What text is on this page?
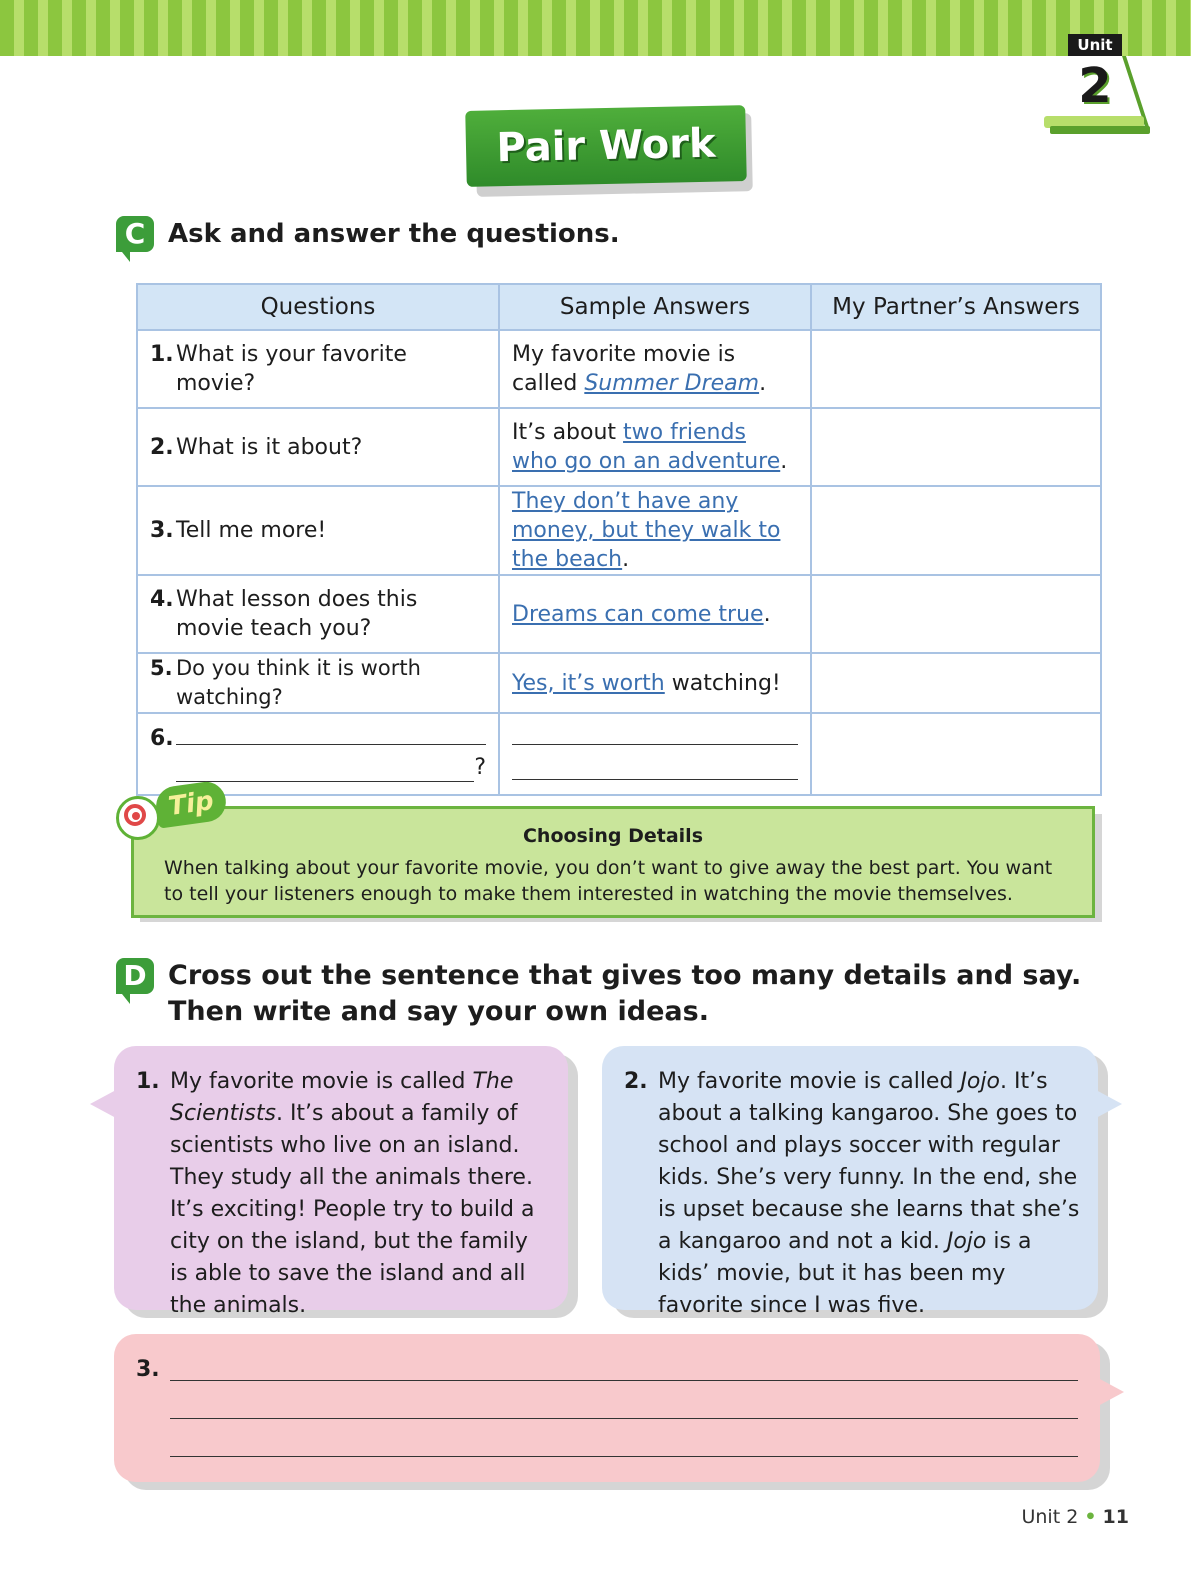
Unit
2
Pair Work
C Ask and answer the questions.
Questions	Sample Answers	My Partner’s Answers

1. What is your favorite movie?	My favorite movie is called Summer Dream.	

2. What is it about?	It’s about two friends who go on an adventure.	

3. Tell me more!	They don’t have any money, but they walk to the beach.	

4. What lesson does this movie teach you?	Dreams can come true.	

5. Do you think it is worth watching?	Yes, it’s worth watching!	

6.
?		

Choosing Details
When talking about your favorite movie, you don’t want to give away the best part. You want to tell your listeners enough to make them interested in watching the movie themselves.
Tip
D Cross out the sentence that gives too many details and say. Then write and say your own ideas.
1. My favorite movie is called The Scientists. It’s about a family of scientists who live on an island. They study all the animals there. It’s exciting! People try to build a city on the island, but the family is able to save the island and all the animals.
2. My favorite movie is called Jojo. It’s about a talking kangaroo. She goes to school and plays soccer with regular kids. She’s very funny. In the end, she is upset because she learns that she’s a kangaroo and not a kid. Jojo is a kids’ movie, but it has been my favorite since I was five.
3.
Unit 2 • 11
